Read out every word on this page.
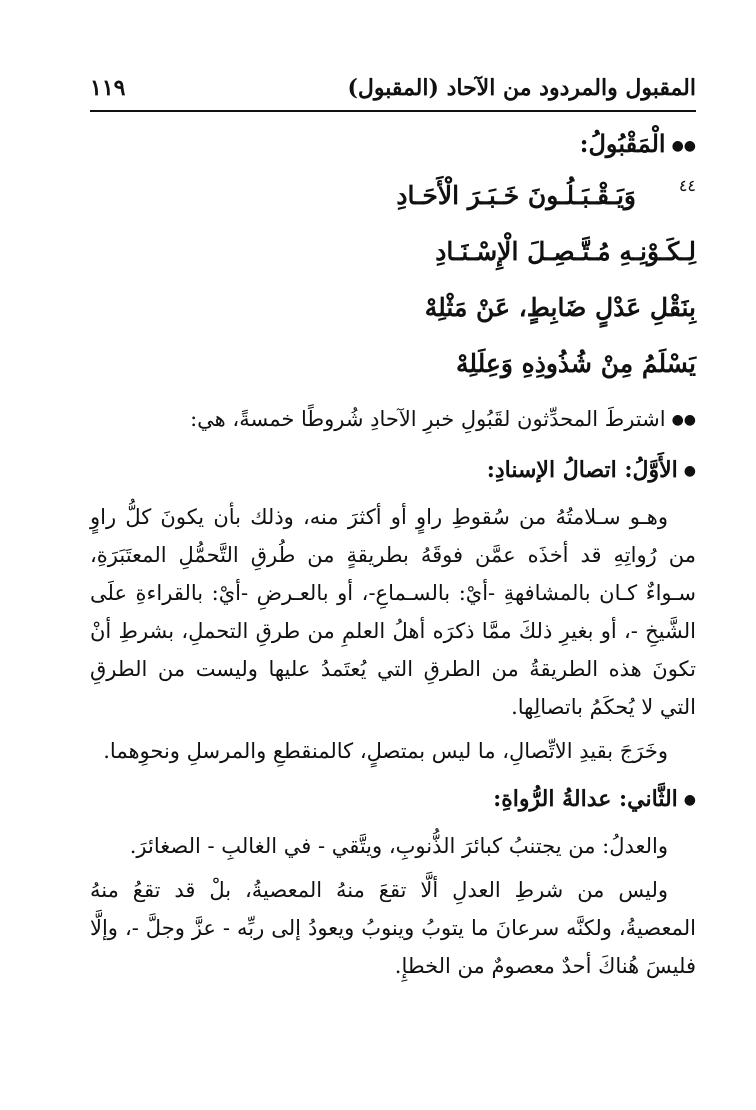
المقبول والمردود من الآحاد (المقبول)
١١٩

●●الْمَقْبُولُ:

٤٤

وَيَـقْـبَـلُـونَ خَـبَـرَ الْأَحَـادِ

لِـكَـوْنِـهِ مُـتَّـصِـلَ الْإِسْـنَـادِ

بِنَقْلِ عَدْلٍ ضَابِطٍ، عَنْ مَثْلِهْ

يَسْلَمُ مِنْ شُذُوذِهِ وَعِلَلِهْ

●●اشترطَ المحدِّثون لقَبُولِ خبرِ الآحادِ شُروطًا خمسةً، هي:

●الأَوَّلُ: اتصالُ الإسنادِ:

وهـو سـلامتُهُ من سُقوطِ راوٍ أو أكثرَ منه، وذلك بأن يكونَ كلُّ راوٍ من رُواتِهِ قد أخذَه عمَّن فوقَهُ بطريقةٍ من طُرقِ التَّحمُّلِ المعتَبَرَةِ، سـواءٌ كـان بالمشافهةِ -أيْ: بالسـماعِ-، أو بالعـرضِ -أيْ: بالقراءةِ علَى الشَّيخِ -، أو بغيرِ ذلكَ ممَّا ذكرَه أهلُ العلمِ من طرقِ التحملِ، بشرطِ أنْ تكونَ هذه الطريقةُ من الطرقِ التي يُعتَمدُ عليها وليست من الطرقِ التي لا يُحكَمُ باتصالِها.

وخَرَجَ بقيدِ الاتِّصالِ، ما ليس بمتصلٍ، كالمنقطعِ والمرسلِ ونحوِهما.

●الثَّاني: عدالةُ الرُّواةِ:

والعدلُ: من يجتنبُ كبائرَ الذُّنوبِ، ويتَّقي - في الغالبِ - الصغائرَ.

وليس من شرطِ العدلِ ألَّا تقعَ منهُ المعصيةُ، بلْ قد تقعُ منهُ المعصيةُ، ولكنَّه سرعانَ ما يتوبُ وينوبُ ويعودُ إلى ربِّه - عزَّ وجلَّ -، وإلَّا فليسَ هُناكَ أحدٌ معصومٌ من الخطإِ.
